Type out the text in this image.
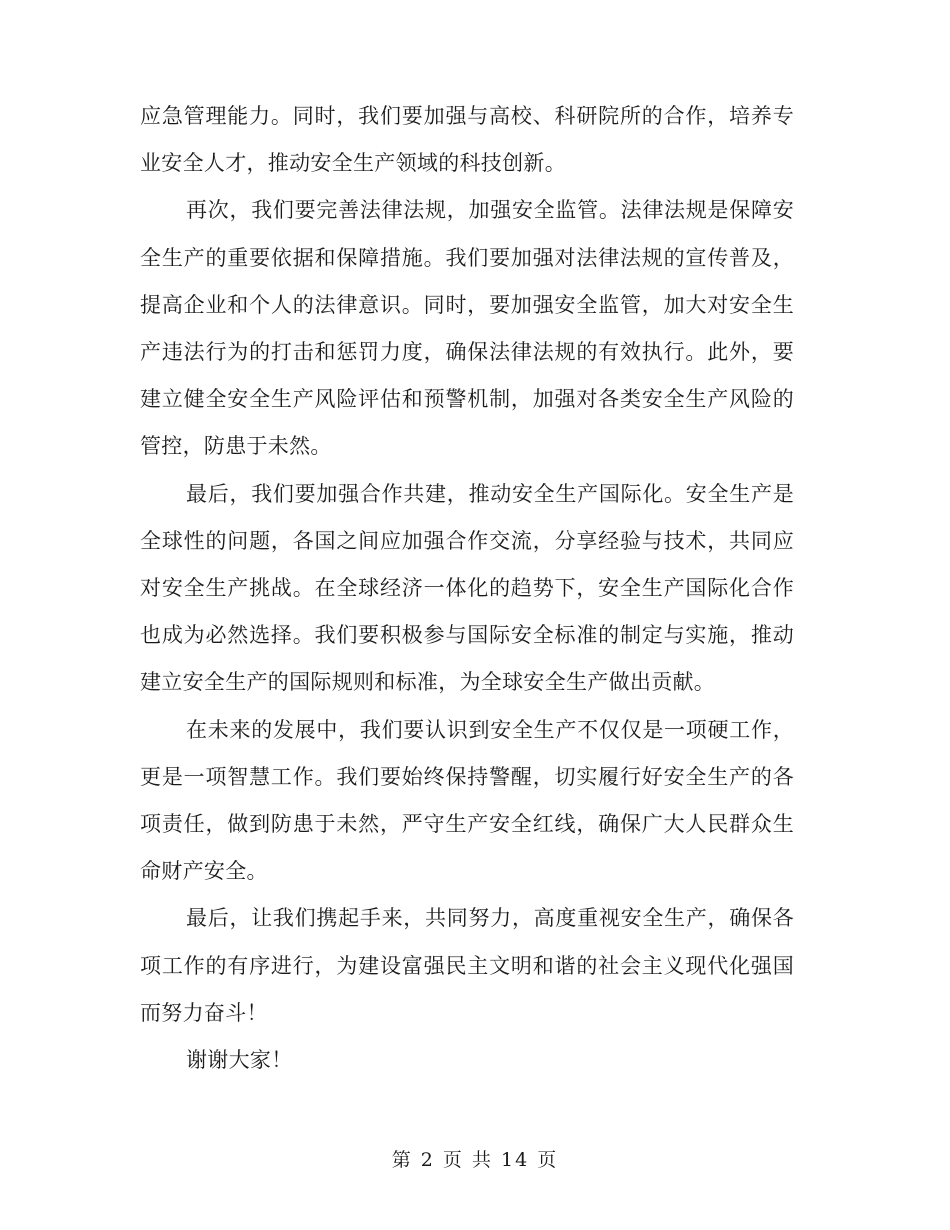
应急管理能力。同时，我们要加强与高校、科研院所的合作，培养专业安全人才，推动安全生产领域的科技创新。

再次，我们要完善法律法规，加强安全监管。法律法规是保障安全生产的重要依据和保障措施。我们要加强对法律法规的宣传普及，提高企业和个人的法律意识。同时，要加强安全监管，加大对安全生产违法行为的打击和惩罚力度，确保法律法规的有效执行。此外，要建立健全安全生产风险评估和预警机制，加强对各类安全生产风险的管控，防患于未然。

最后，我们要加强合作共建，推动安全生产国际化。安全生产是全球性的问题，各国之间应加强合作交流，分享经验与技术，共同应对安全生产挑战。在全球经济一体化的趋势下，安全生产国际化合作也成为必然选择。我们要积极参与国际安全标准的制定与实施，推动建立安全生产的国际规则和标准，为全球安全生产做出贡献。

在未来的发展中，我们要认识到安全生产不仅仅是一项硬工作，更是一项智慧工作。我们要始终保持警醒，切实履行好安全生产的各项责任，做到防患于未然，严守生产安全红线，确保广大人民群众生命财产安全。

最后，让我们携起手来，共同努力，高度重视安全生产，确保各项工作的有序进行，为建设富强民主文明和谐的社会主义现代化强国而努力奋斗！

谢谢大家！

第 2 页 共 14 页
